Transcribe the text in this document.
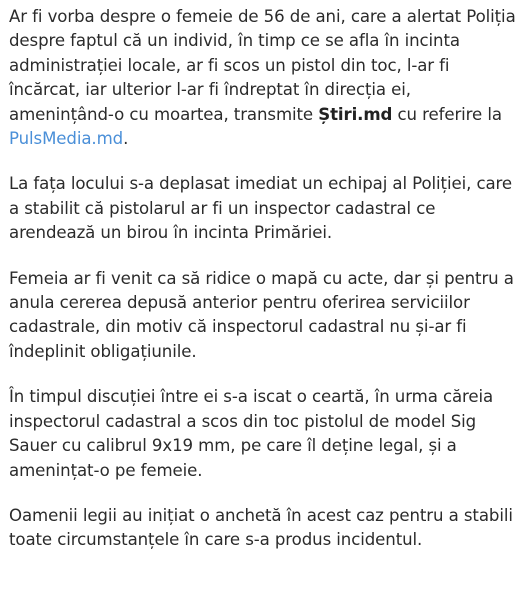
Ar fi vorba despre o femeie de 56 de ani, care a alertat Poliția despre faptul că un individ, în timp ce se afla în incinta administrației locale, ar fi scos un pistol din toc, l-ar fi încărcat, iar ulterior l-ar fi îndreptat în direcția ei, amenințând-o cu moartea, transmite Știri.md cu referire la PulsMedia.md.

La fața locului s-a deplasat imediat un echipaj al Poliției, care a stabilit că pistolarul ar fi un inspector cadastral ce arendează un birou în incinta Primăriei.

Femeia ar fi venit ca să ridice o mapă cu acte, dar și pentru a anula cererea depusă anterior pentru oferirea serviciilor cadastrale, din motiv că inspectorul cadastral nu și-ar fi îndeplinit obligațiunile.

În timpul discuției între ei s-a iscat o ceartă, în urma căreia inspectorul cadastral a scos din toc pistolul de model Sig Sauer cu calibrul 9x19 mm, pe care îl deține legal, și a amenințat-o pe femeie.

Oamenii legii au inițiat o anchetă în acest caz pentru a stabili toate circumstanțele în care s-a produs incidentul.
